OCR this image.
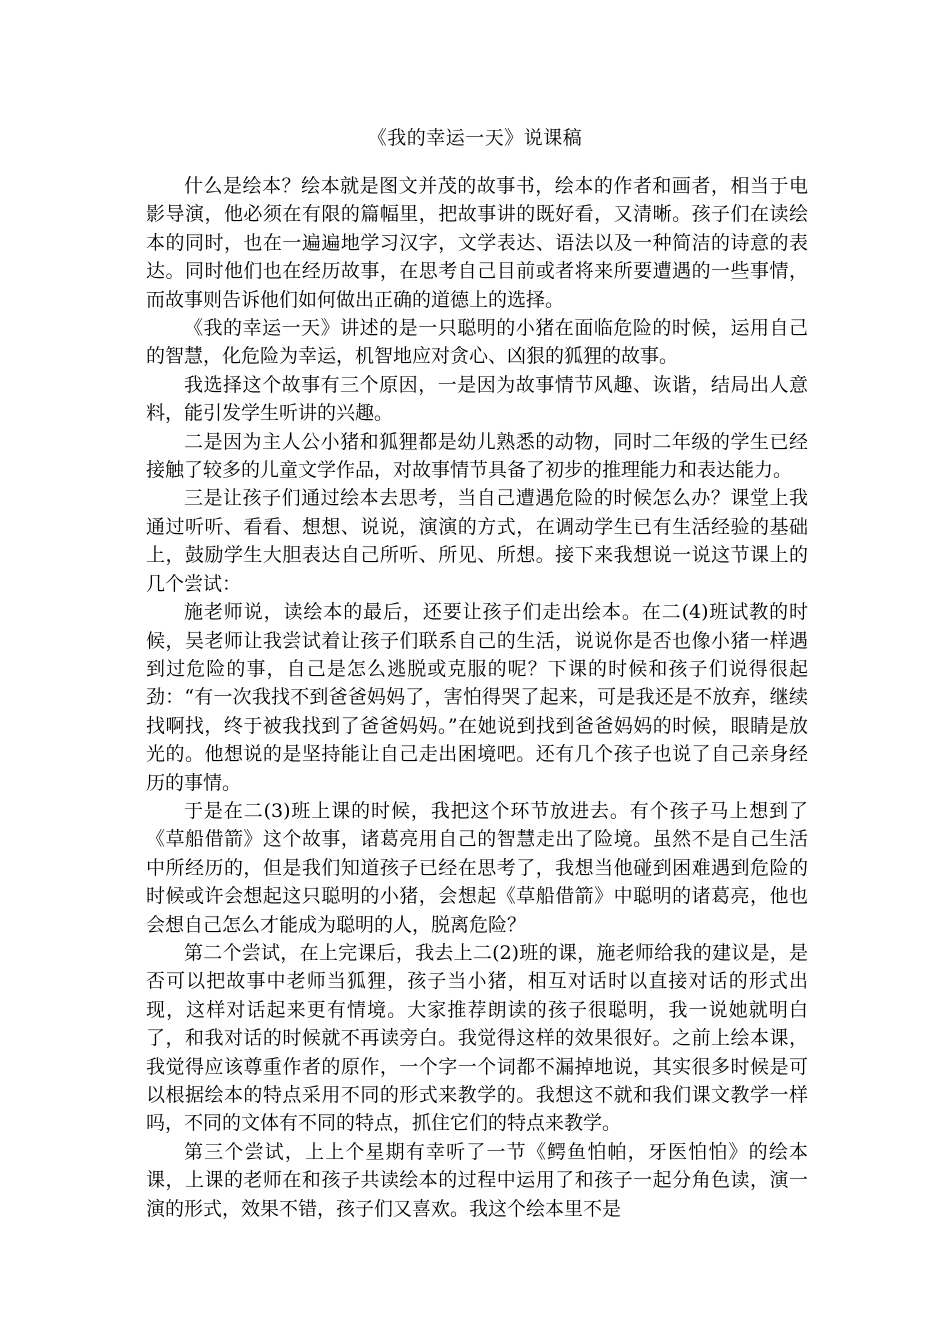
《我的幸运一天》说课稿

什么是绘本？绘本就是图文并茂的故事书，绘本的作者和画者，相当于电影导演，他必须在有限的篇幅里，把故事讲的既好看，又清晰。孩子们在读绘本的同时，也在一遍遍地学习汉字，文学表达、语法以及一种简洁的诗意的表达。同时他们也在经历故事，在思考自己目前或者将来所要遭遇的一些事情，而故事则告诉他们如何做出正确的道德上的选择。

《我的幸运一天》讲述的是一只聪明的小猪在面临危险的时候，运用自己的智慧，化危险为幸运，机智地应对贪心、凶狠的狐狸的故事。

我选择这个故事有三个原因，一是因为故事情节风趣、诙谐，结局出人意料，能引发学生听讲的兴趣。

二是因为主人公小猪和狐狸都是幼儿熟悉的动物，同时二年级的学生已经接触了较多的儿童文学作品，对故事情节具备了初步的推理能力和表达能力。

三是让孩子们通过绘本去思考，当自己遭遇危险的时候怎么办？课堂上我通过听听、看看、想想、说说，演演的方式，在调动学生已有生活经验的基础上，鼓励学生大胆表达自己所听、所见、所想。接下来我想说一说这节课上的几个尝试：

施老师说，读绘本的最后，还要让孩子们走出绘本。在二(4)班试教的时候，吴老师让我尝试着让孩子们联系自己的生活，说说你是否也像小猪一样遇到过危险的事，自己是怎么逃脱或克服的呢？下课的时候和孩子们说得很起劲：“有一次我找不到爸爸妈妈了，害怕得哭了起来，可是我还是不放弃，继续找啊找，终于被我找到了爸爸妈妈。”在她说到找到爸爸妈妈的时候，眼睛是放光的。他想说的是坚持能让自己走出困境吧。还有几个孩子也说了自己亲身经历的事情。

于是在二(3)班上课的时候，我把这个环节放进去。有个孩子马上想到了《草船借箭》这个故事，诸葛亮用自己的智慧走出了险境。虽然不是自己生活中所经历的，但是我们知道孩子已经在思考了，我想当他碰到困难遇到危险的时候或许会想起这只聪明的小猪，会想起《草船借箭》中聪明的诸葛亮，他也会想自己怎么才能成为聪明的人，脱离危险？

第二个尝试，在上完课后，我去上二(2)班的课，施老师给我的建议是，是否可以把故事中老师当狐狸，孩子当小猪，相互对话时以直接对话的形式出现，这样对话起来更有情境。大家推荐朗读的孩子很聪明，我一说她就明白了，和我对话的时候就不再读旁白。我觉得这样的效果很好。之前上绘本课，我觉得应该尊重作者的原作，一个字一个词都不漏掉地说，其实很多时候是可以根据绘本的特点采用不同的形式来教学的。我想这不就和我们课文教学一样吗，不同的文体有不同的特点，抓住它们的特点来教学。

第三个尝试，上上个星期有幸听了一节《鳄鱼怕帕，牙医怕怕》的绘本课，上课的老师在和孩子共读绘本的过程中运用了和孩子一起分角色读，演一演的形式，效果不错，孩子们又喜欢。我这个绘本里不是
